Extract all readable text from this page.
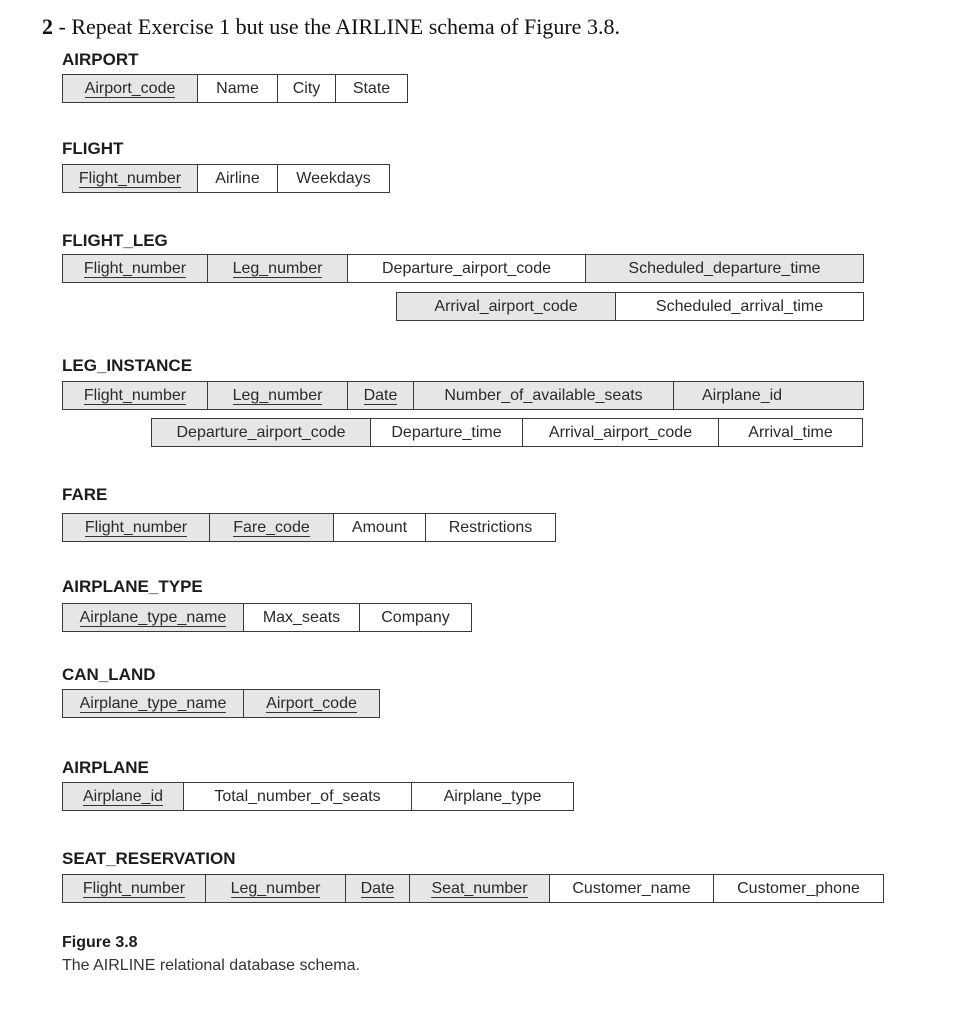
2 - Repeat Exercise 1 but use the AIRLINE schema of Figure 3.8.
AIRPORT
Airport_code	Name	City	State
FLIGHT
Flight_number	Airline	Weekdays
FLIGHT_LEG
Flight_number	Leg_number	Departure_airport_code	Scheduled_departure_time
Arrival_airport_code	Scheduled_arrival_time
LEG_INSTANCE
Flight_number	Leg_number	Date	Number_of_available_seats	Airplane_id
Departure_airport_code	Departure_time	Arrival_airport_code	Arrival_time
FARE
Flight_number	Fare_code	Amount	Restrictions
AIRPLANE_TYPE
Airplane_type_name	Max_seats	Company
CAN_LAND
Airplane_type_name Airport_code
AIRPLANE
Airplane_id	Total_number_of_seats	Airplane_type
SEAT_RESERVATION
Flight_number	Leg_number	Date Seat_number	Customer_name	Customer_phone
Figure 3.8
The AIRLINE relational database schema.
